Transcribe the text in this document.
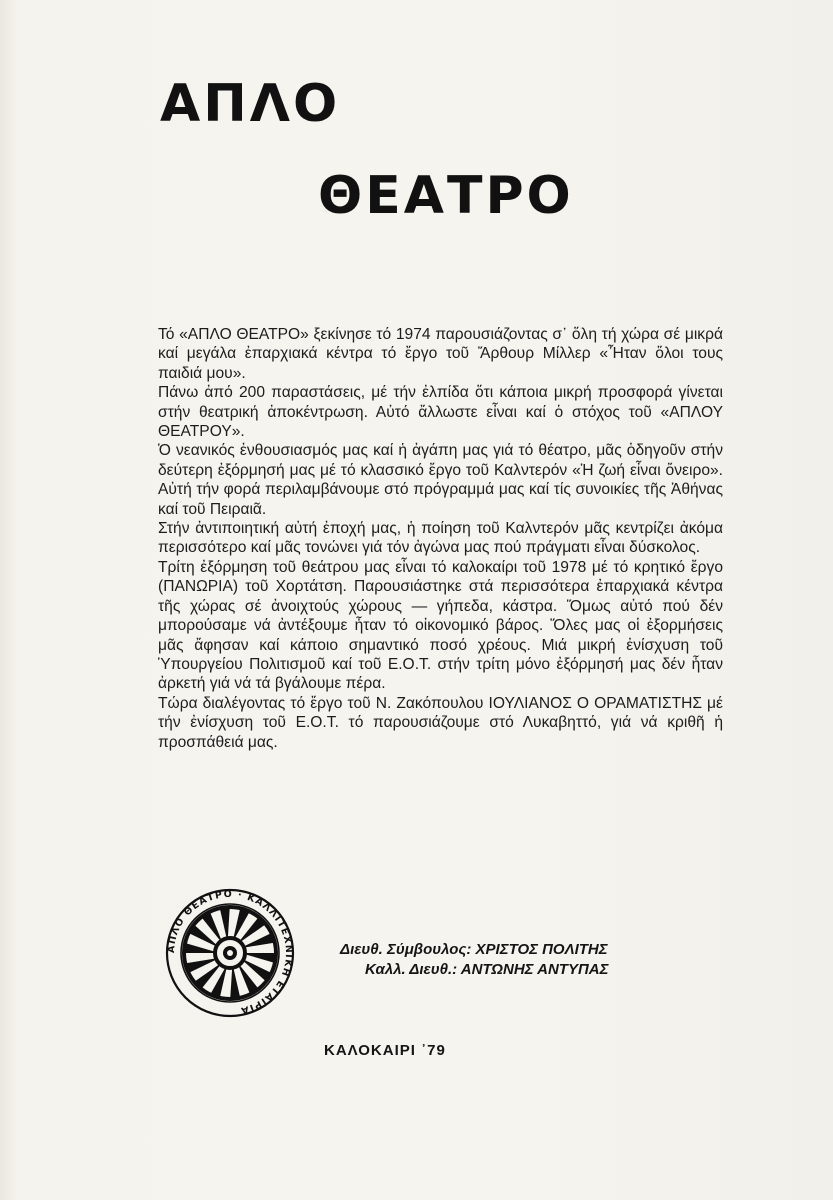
ΑΠΛΟ
ΘΕΑΤΡΟ

Τό «ΑΠΛΟ ΘΕΑΤΡΟ» ξεκίνησε τό 1974 παρουσιάζοντας σ᾽ ὅλη τή χώρα σέ μικρά καί μεγάλα ἐπαρχιακά κέντρα τό ἔργο τοῦ Ἄρθουρ Μίλλερ «Ἦταν ὅλοι τους παιδιά μου».

Πάνω ἀπό 200 παραστάσεις, μέ τήν ἐλπίδα ὅτι κάποια μικρή προσφορά γίνεται στήν θεατρική ἀποκέντρωση. Αὐτό ἄλλωστε εἶναι καί ὁ στόχος τοῦ «ΑΠΛΟΥ ΘΕΑΤΡΟΥ».

Ὁ νεανικός ἐνθουσιασμός μας καί ἡ ἀγάπη μας γιά τό θέατρο, μᾶς ὁδηγοῦν στήν δεύτερη ἐξόρμησή μας μέ τό κλασσικό ἔργο τοῦ Καλντερόν «Ἡ ζωή εἶναι ὄνειρο». Αὐτή τήν φορά περιλαμβάνουμε στό πρόγραμμά μας καί τίς συνοικίες τῆς Ἀθήνας καί τοῦ Πειραιᾶ.

Στήν ἀντιποιητική αὐτή ἐποχή μας, ἡ ποίηση τοῦ Καλντερόν μᾶς κεντρίζει ἀκόμα περισσότερο καί μᾶς τονώνει γιά τόν ἀγώνα μας πού πράγματι εἶναι δύσκολος.

Τρίτη ἐξόρμηση τοῦ θεάτρου μας εἶναι τό καλοκαίρι τοῦ 1978 μέ τό κρητικό ἔργο (ΠΑΝΩΡΙΑ) τοῦ Χορτάτση. Παρουσιάστηκε στά περισσότερα ἐπαρχιακά κέντρα τῆς χώρας σέ ἀνοιχτούς χώρους — γήπεδα, κάστρα. Ὅμως αὐτό πού δέν μπορούσαμε νά ἀντέξουμε ἦταν τό οἰκονομικό βάρος. Ὅλες μας οἱ ἐξορμήσεις μᾶς ἄφησαν καί κάποιο σημαντικό ποσό χρέους. Μιά μικρή ἐνίσχυση τοῦ Ὑπουργείου Πολιτισμοῦ καί τοῦ Ε.Ο.Τ. στήν τρίτη μόνο ἐξόρμησή μας δέν ἦταν ἀρκετή γιά νά τά βγάλουμε πέρα.

Τώρα διαλέγοντας τό ἔργο τοῦ Ν. Ζακόπουλου ΙΟΥΛΙΑΝΟΣ Ο ΟΡΑΜΑΤΙΣΤΗΣ μέ τήν ἐνίσχυση τοῦ Ε.Ο.Τ. τό παρουσιάζουμε στό Λυκαβηττό, γιά νά κριθῆ ἡ προσπάθειά μας.

ΑΠΛΟ ΘΕΑΤΡΟ · ΚΑΛΛΙΤΕΧΝΙΚΗ ΕΤΑΙΡΙΑ
Διευθ. Σύμβουλος: ΧΡΙΣΤΟΣ ΠΟΛΙΤΗΣ
Καλλ. Διευθ.: ΑΝΤΩΝΗΣ ΑΝΤΥΠΑΣ
ΚΑΛΟΚΑΙΡΙ ᾽79
